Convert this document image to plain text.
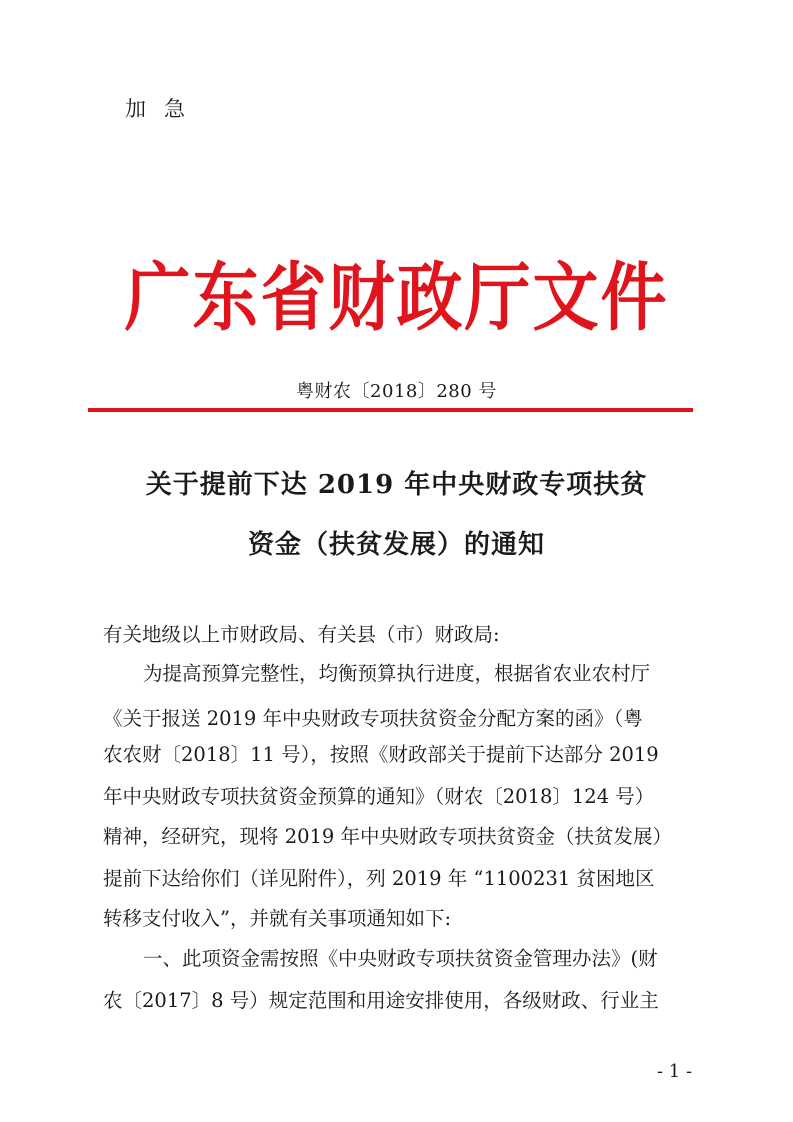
加急
广东省财政厅文件
粤财农〔2018〕280 号
关于提前下达 2019 年中央财政专项扶贫
资金（扶贫发展）的通知
有关地级以上市财政局、有关县（市）财政局:
为提高预算完整性，均衡预算执行进度，根据省农业农村厅
《关于报送 2019 年中央财政专项扶贫资金分配方案的函》（粤
农农财〔2018〕11 号），按照《财政部关于提前下达部分 2019
年中央财政专项扶贫资金预算的通知》（财农〔2018〕124 号）
精神，经研究，现将 2019 年中央财政专项扶贫资金（扶贫发展）
提前下达给你们（详见附件），列 2019 年 “1100231 贫困地区
转移支付收入”，并就有关事项通知如下:
一、此项资金需按照《中央财政专项扶贫资金管理办法》(财
农〔2017〕8 号）规定范围和用途安排使用，各级财政、行业主
- 1 -
